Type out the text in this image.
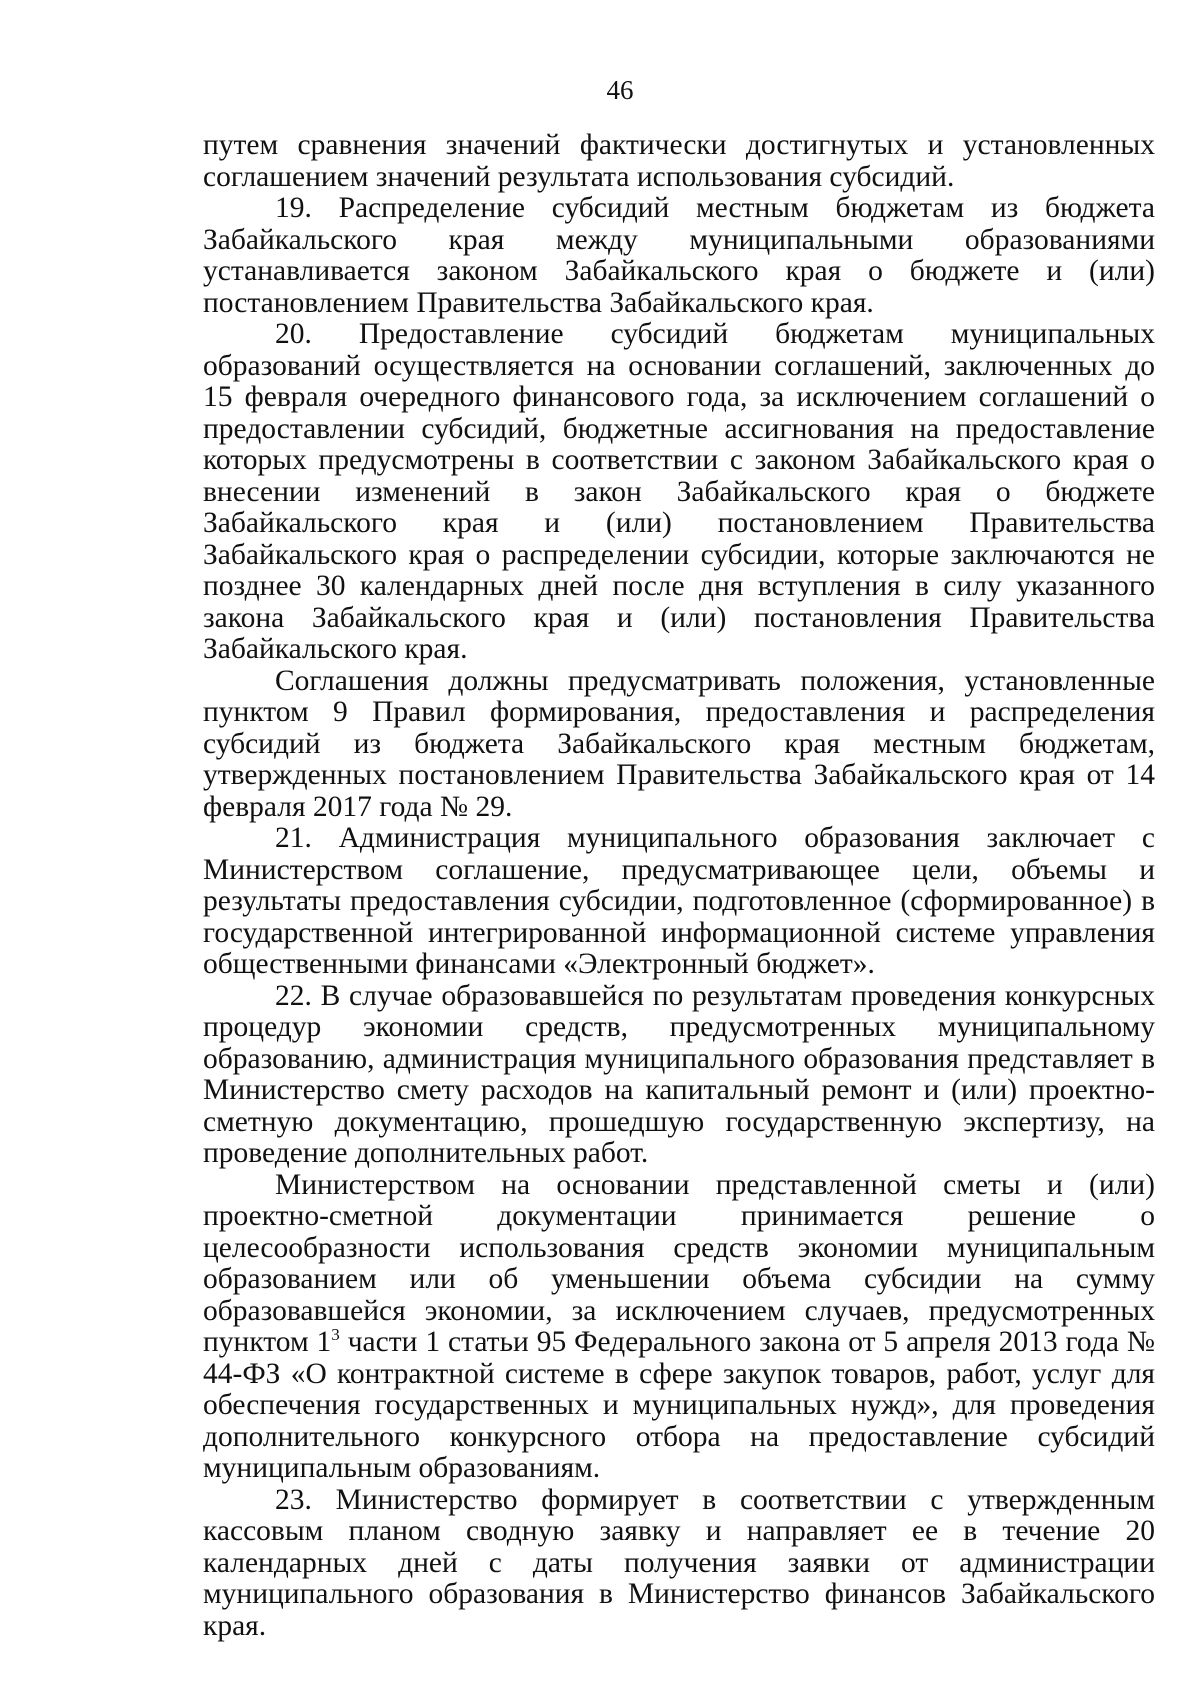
46

путем сравнения значений фактически достигнутых и установленных соглашением значений результата использования субсидий.

19. Распределение субсидий местным бюджетам из бюджета Забайкальского края между муниципальными образованиями устанавливается законом Забайкальского края о бюджете и (или) постановлением Правительства Забайкальского края.

20. Предоставление субсидий бюджетам муниципальных образований осуществляется на основании соглашений, заключенных до 15 февраля очередного финансового года, за исключением соглашений о предоставлении субсидий, бюджетные ассигнования на предоставление которых предусмотрены в соответствии с законом Забайкальского края о внесении изменений в закон Забайкальского края о бюджете Забайкальского края и (или) постановлением Правительства Забайкальского края о распределении субсидии, которые заключаются не позднее 30 календарных дней после дня вступления в силу указанного закона Забайкальского края и (или) постановления Правительства Забайкальского края.

Соглашения должны предусматривать положения, установленные пунктом 9 Правил формирования, предоставления и распределения субсидий из бюджета Забайкальского края местным бюджетам, утвержденных постановлением Правительства Забайкальского края от 14 февраля 2017 года № 29.

21. Администрация муниципального образования заключает с Министерством соглашение, предусматривающее цели, объемы и результаты предоставления субсидии, подготовленное (сформированное) в государственной интегрированной информационной системе управления общественными финансами «Электронный бюджет».

22. В случае образовавшейся по результатам проведения конкурсных процедур экономии средств, предусмотренных муниципальному образованию, администрация муниципального образования представляет в Министерство смету расходов на капитальный ремонт и (или) проектно-сметную документацию, прошедшую государственную экспертизу, на проведение дополнительных работ.

Министерством на основании представленной сметы и (или) проектно-сметной документации принимается решение о целесообразности использования средств экономии муниципальным образованием или об уменьшении объема субсидии на сумму образовавшейся экономии, за исключением случаев, предусмотренных пунктом $1^3$ части 1 статьи 95 Федерального закона от 5 апреля 2013 года № 44-ФЗ «О контрактной системе в сфере закупок товаров, работ, услуг для обеспечения государственных и муниципальных нужд», для проведения дополнительного конкурсного отбора на предоставление субсидий муниципальным образованиям.

23. Министерство формирует в соответствии с утвержденным кассовым планом сводную заявку и направляет ее в течение 20 календарных дней с даты получения заявки от администрации муниципального образования в Министерство финансов Забайкальского края.
